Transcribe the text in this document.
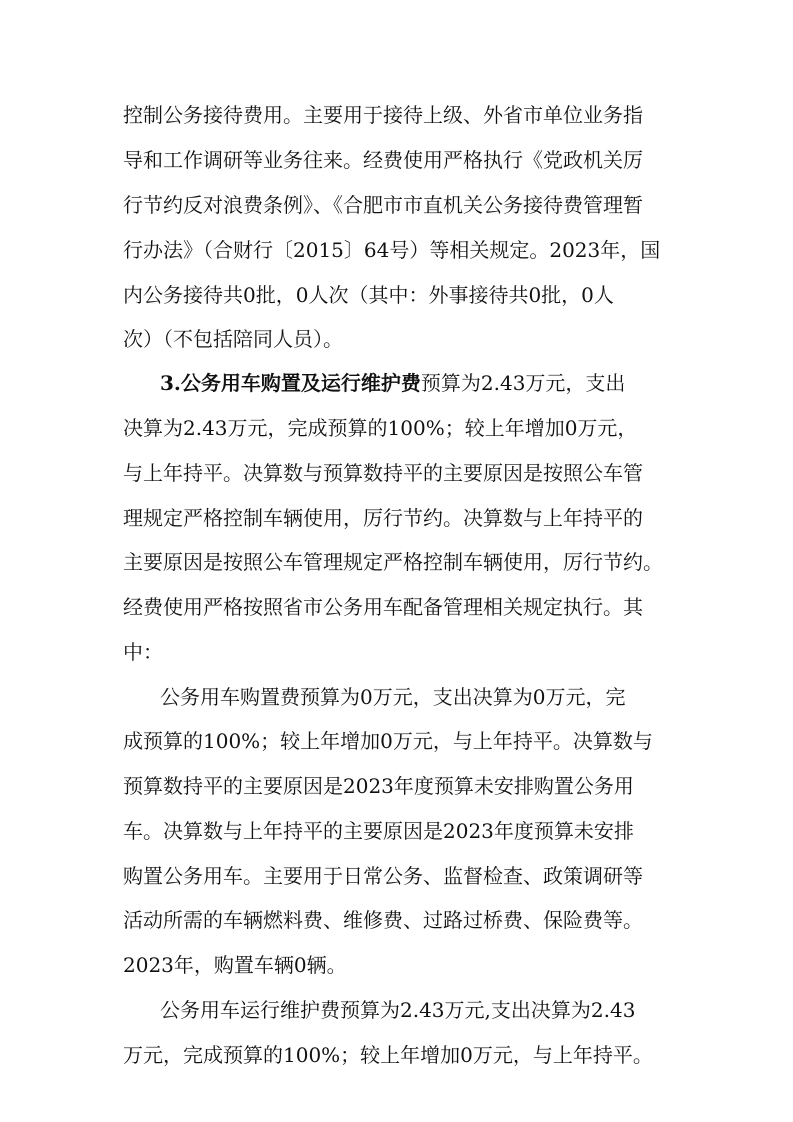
控制公务接待费用。主要用于接待上级、外省市单位业务指

导和工作调研等业务往来。经费使用严格执行《党政机关厉

行节约反对浪费条例》、《合肥市市直机关公务接待费管理暂

行办法》（合财行〔2015〕64号）等相关规定。2023年，国

内公务接待共0批，0人次（其中：外事接待共0批，0人

次）（不包括陪同人员）。

3.公务用车购置及运行维护费预算为2.43万元，支出

决算为2.43万元，完成预算的100%；较上年增加0万元，

与上年持平。决算数与预算数持平的主要原因是按照公车管

理规定严格控制车辆使用，厉行节约。决算数与上年持平的

主要原因是按照公车管理规定严格控制车辆使用，厉行节约。

经费使用严格按照省市公务用车配备管理相关规定执行。其

中：

公务用车购置费预算为0万元，支出决算为0万元，完

成预算的100%；较上年增加0万元，与上年持平。决算数与

预算数持平的主要原因是2023年度预算未安排购置公务用

车。决算数与上年持平的主要原因是2023年度预算未安排

购置公务用车。主要用于日常公务、监督检查、政策调研等

活动所需的车辆燃料费、维修费、过路过桥费、保险费等。

2023年，购置车辆0辆。

公务用车运行维护费预算为2.43万元,支出决算为2.43

万元，完成预算的100%；较上年增加0万元，与上年持平。
